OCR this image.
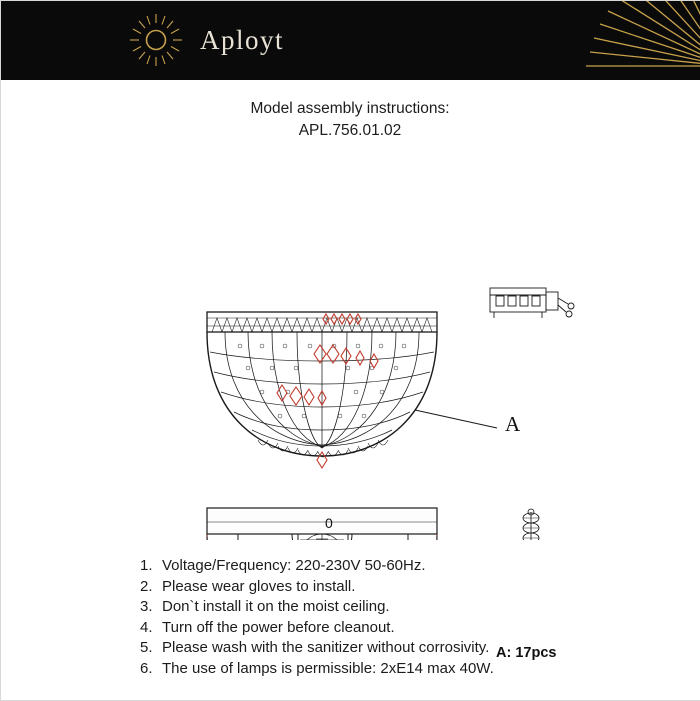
Aployt
Model assembly instructions:
APL.756.01.02
A
0
A: 17pcs
1. Voltage/Frequency: 220-230V 50-60Hz.
2. Please wear gloves to install.
3. Don`t install it on the moist ceiling.
4. Turn off the power before cleanout.
5. Please wash with the sanitizer without corrosivity.
6. The use of lamps is permissible: 2xE14 max 40W.
